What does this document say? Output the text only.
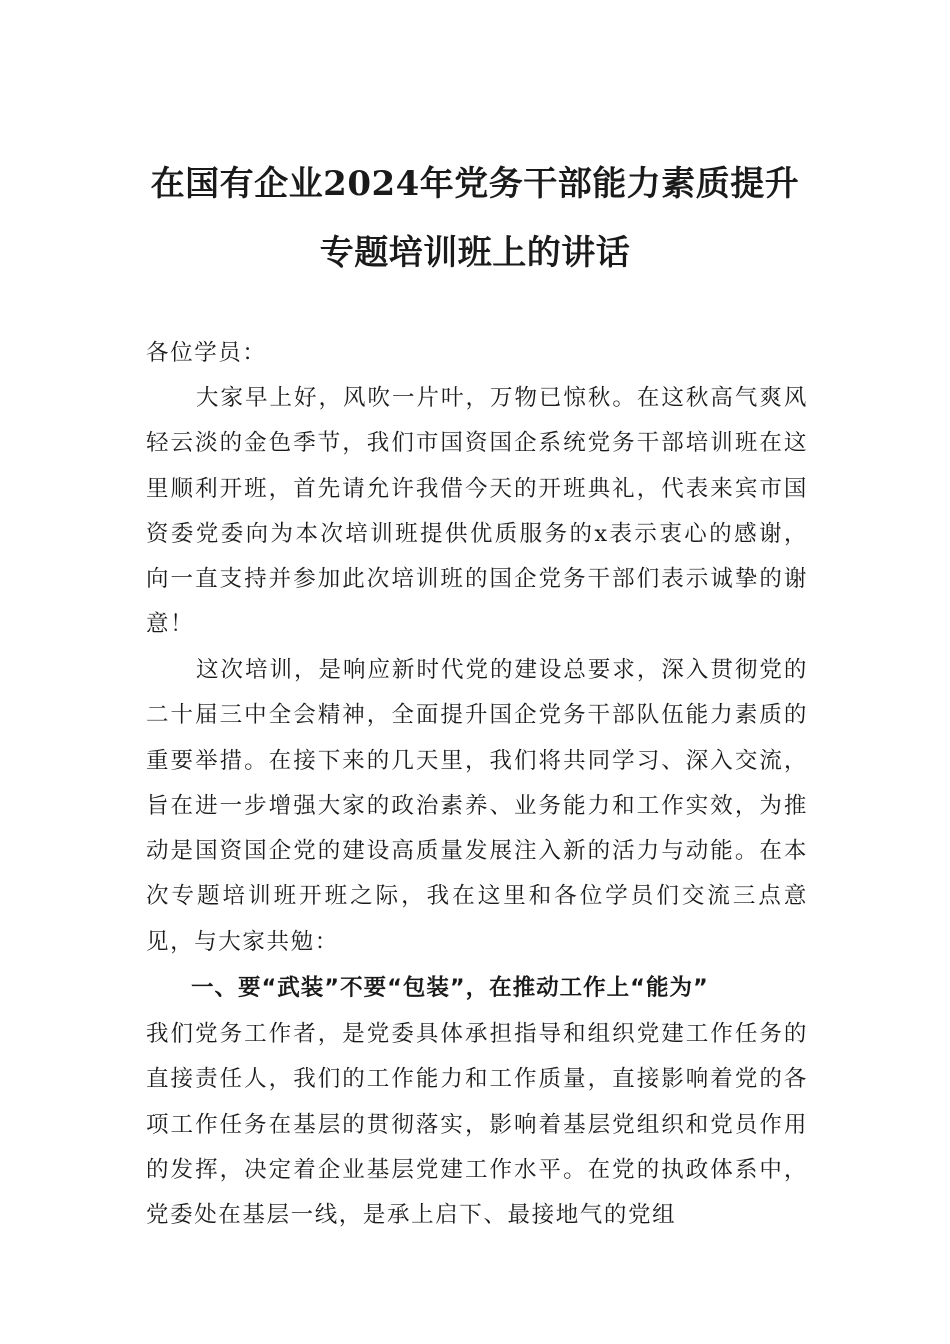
在国有企业2024年党务干部能力素质提升
专题培训班上的讲话
各位学员：
大家早上好，风吹一片叶，万物已惊秋。在这秋高气爽风轻云淡的金色季节，我们市国资国企系统党务干部培训班在这里顺利开班，首先请允许我借今天的开班典礼，代表来宾市国资委党委向为本次培训班提供优质服务的x表示衷心的感谢，向一直支持并参加此次培训班的国企党务干部们表示诚挚的谢意！
这次培训，是响应新时代党的建设总要求，深入贯彻党的二十届三中全会精神，全面提升国企党务干部队伍能力素质的重要举措。在接下来的几天里，我们将共同学习、深入交流，旨在进一步增强大家的政治素养、业务能力和工作实效，为推动是国资国企党的建设高质量发展注入新的活力与动能。在本次专题培训班开班之际，我在这里和各位学员们交流三点意见，与大家共勉：
一、要“武装”不要“包装”，在推动工作上“能为”
我们党务工作者，是党委具体承担指导和组织党建工作任务的直接责任人，我们的工作能力和工作质量，直接影响着党的各项工作任务在基层的贯彻落实，影响着基层党组织和党员作用的发挥，决定着企业基层党建工作水平。在党的执政体系中，党委处在基层一线，是承上启下、最接地气的党组
